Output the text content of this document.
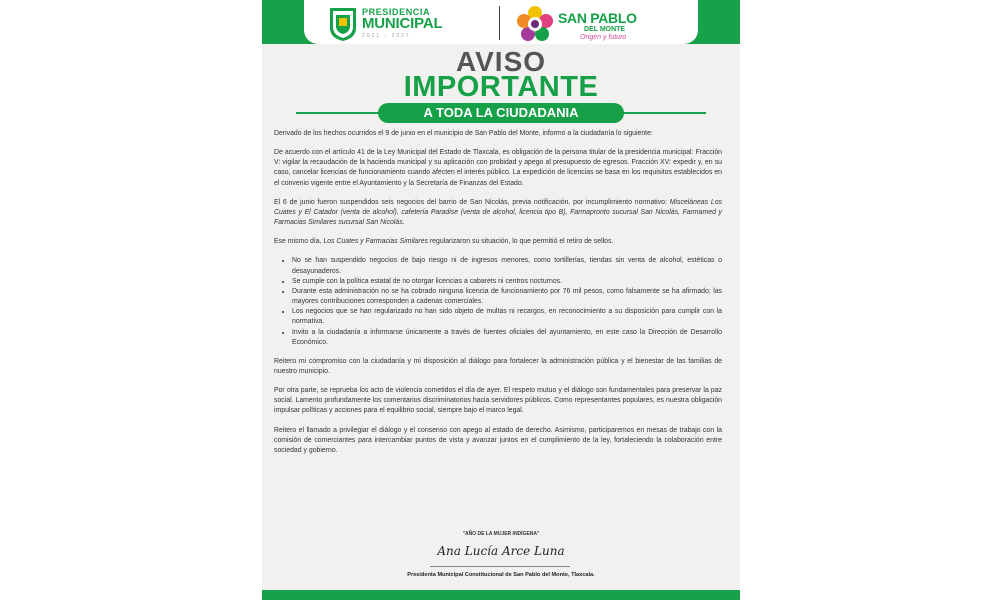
PRESIDENCIA
MUNICIPAL
2021 - 2027
SAN PABLO
DEL MONTE
Origen y futuro
AVISO
IMPORTANTE
A TODA LA CIUDADANIA

Derivado de los hechos ocurridos el 9 de junio en el municipio de San Pablo del Monte, informo a la ciudadanía lo siguiente:

De acuerdo con el artículo 41 de la Ley Municipal del Estado de Tlaxcala, es obligación de la persona titular de la presidencia municipal: Fracción V: vigilar la recaudación de la hacienda municipal y su aplicación con probidad y apego al presupuesto de egresos. Fracción XV: expedir y, en su caso, cancelar licencias de funcionamiento cuando afecten el interés público. La expedición de licencias se basa en los requisitos establecidos en el convenio vigente entre el Ayuntamiento y la Secretaría de Finanzas del Estado.

El 6 de junio fueron suspendidos seis negocios del barrio de San Nicolás, previa notificación, por incumplimiento normativo: Misceláneas Los Cuates y El Catador (venta de alcohol), cafetería Paradise (venta de alcohol, licencia tipo B), Farmapronto sucursal San Nicolás, Farmamed y Farmacias Similares sucursal San Nicolás.

Ese mismo día, Los Cuates y Farmacias Similares regularizaron su situación, lo que permitió el retiro de sellos.

• No se han suspendido negocios de bajo riesgo ni de ingresos menores, como tortillerías, tiendas sin venta de alcohol, estéticas o desayunaderos.
• Se cumple con la política estatal de no otorgar licencias a cabarets ni centros nocturnos.
• Durante esta administración no se ha cobrado ninguna licencia de funcionamiento por 76 mil pesos, como falsamente se ha afirmado; las mayores contribuciones corresponden a cadenas comerciales.
• Los negocios que se han regularizado no han sido objeto de multas ni recargos, en reconocimiento a su disposición para cumplir con la normativa.
• Invito a la ciudadanía a informarse únicamente a través de fuentes oficiales del ayuntamiento, en este caso la Dirección de Desarrollo Económico.

Reitero mi compromiso con la ciudadanía y mi disposición al diálogo para fortalecer la administración pública y el bienestar de las familias de nuestro municipio.

Por otra parte, se reprueba los acto de violencia cometidos el día de ayer. El respeto mutuo y el diálogo son fundamentales para preservar la paz social. Lamento profundamente los comentarios discriminatorios hacia servidores públicos. Como representantes populares, es nuestra obligación impulsar políticas y acciones para el equilibrio social, siempre bajo el marco legal.

Reitero el llamado a privilegiar el diálogo y el consenso con apego al estado de derecho. Asimismo, participaremos en mesas de trabajo con la comisión de comerciantes para intercambiar puntos de vista y avanzar juntos en el cumplimiento de la ley, fortaleciendo la colaboración entre sociedad y gobierno.

"AÑO DE LA MUJER INDÍGENA"
Ana Lucía Arce Luna
Presidenta Municipal Constitucional de San Pablo del Monte, Tlaxcala.
